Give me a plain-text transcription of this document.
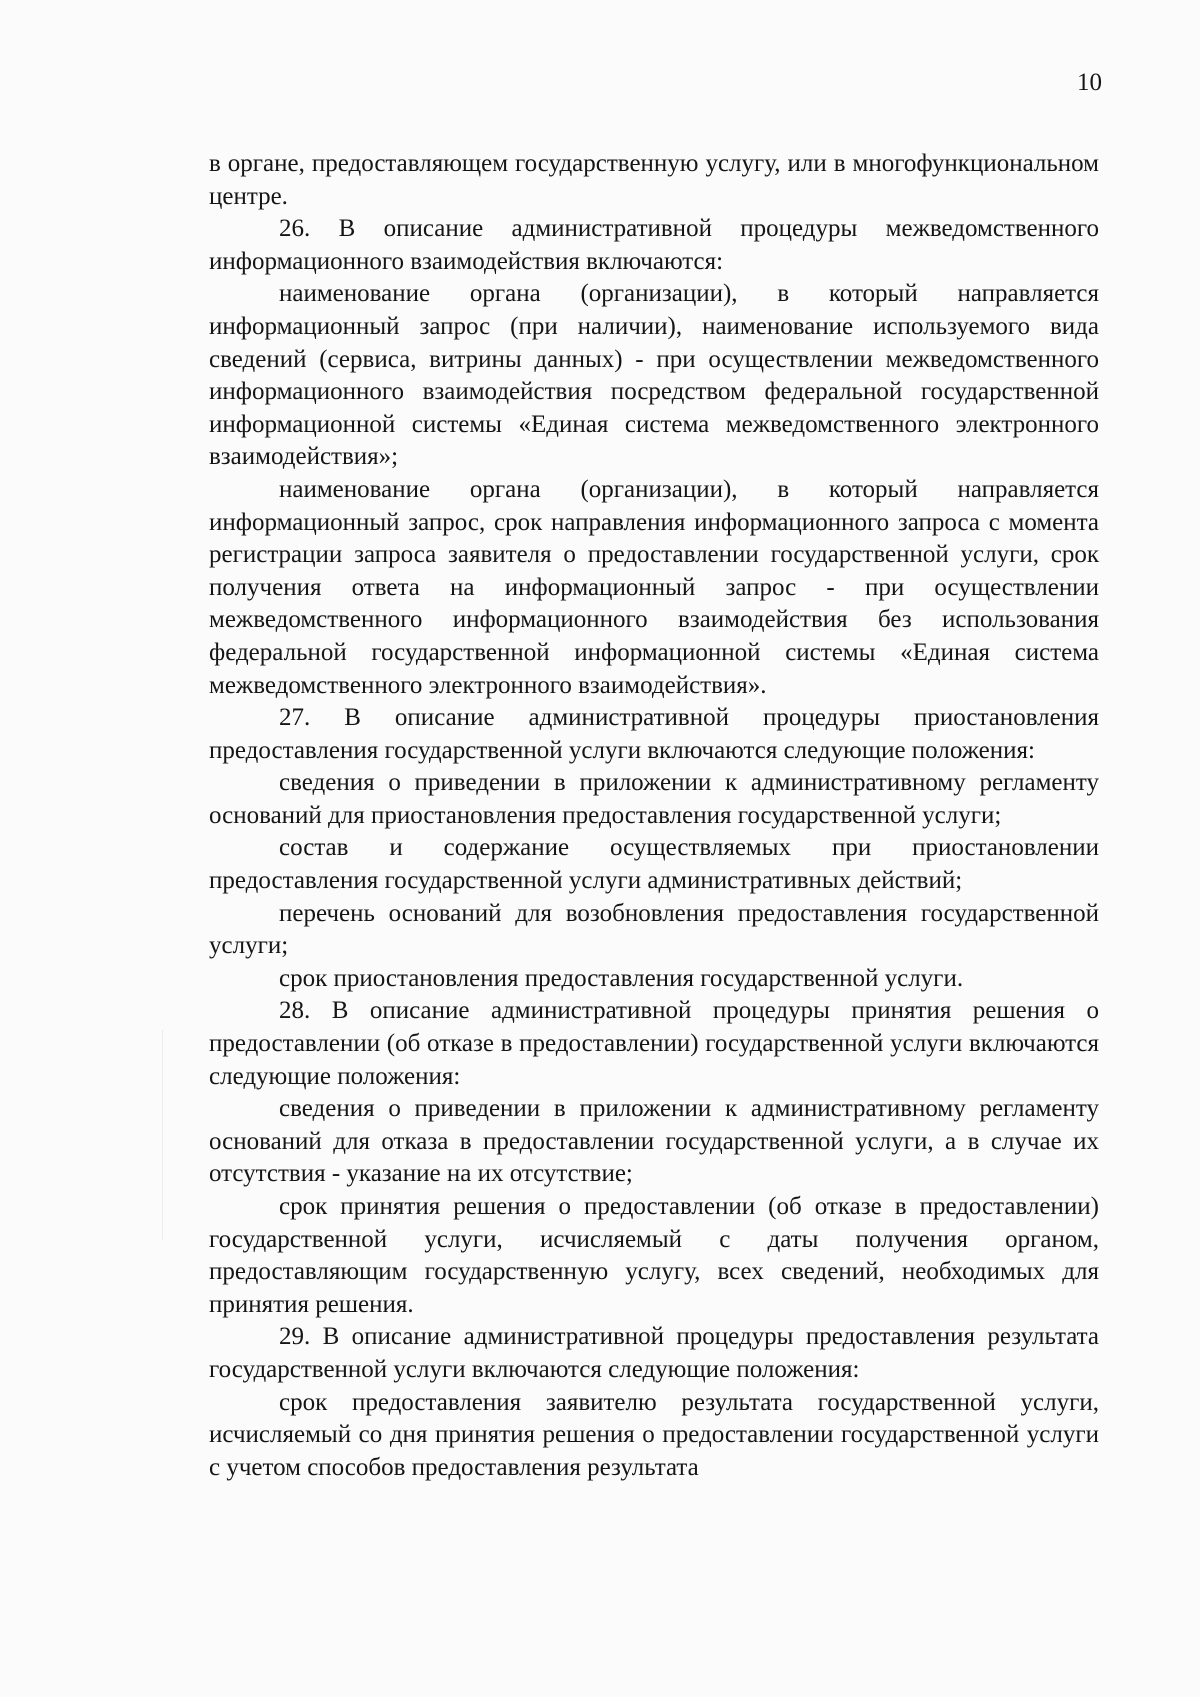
10

в органе, предоставляющем государственную услугу, или в многофункциональном центре.

26. В описание административной процедуры межведомственного информационного взаимодействия включаются:

наименование органа (организации), в который направляется информационный запрос (при наличии), наименование используемого вида сведений (сервиса, витрины данных) - при осуществлении межведомственного информационного взаимодействия посредством федеральной государственной информационной системы «Единая система межведомственного электронного взаимодействия»;

наименование органа (организации), в который направляется информационный запрос, срок направления информационного запроса с момента регистрации запроса заявителя о предоставлении государственной услуги, срок получения ответа на информационный запрос - при осуществлении межведомственного информационного взаимодействия без использования федеральной государственной информационной системы «Единая система межведомственного электронного взаимодействия».

27. В описание административной процедуры приостановления предоставления государственной услуги включаются следующие положения:

сведения о приведении в приложении к административному регламенту оснований для приостановления предоставления государственной услуги;

состав и содержание осуществляемых при приостановлении предоставления государственной услуги административных действий;

перечень оснований для возобновления предоставления государственной услуги;

срок приостановления предоставления государственной услуги.

28. В описание административной процедуры принятия решения о предоставлении (об отказе в предоставлении) государственной услуги включаются следующие положения:

сведения о приведении в приложении к административному регламенту оснований для отказа в предоставлении государственной услуги, а в случае их отсутствия - указание на их отсутствие;

срок принятия решения о предоставлении (об отказе в предоставлении) государственной услуги, исчисляемый с даты получения органом, предоставляющим государственную услугу, всех сведений, необходимых для принятия решения.

29. В описание административной процедуры предоставления результата государственной услуги включаются следующие положения:

срок предоставления заявителю результата государственной услуги, исчисляемый со дня принятия решения о предоставлении государственной услуги с учетом способов предоставления результата
